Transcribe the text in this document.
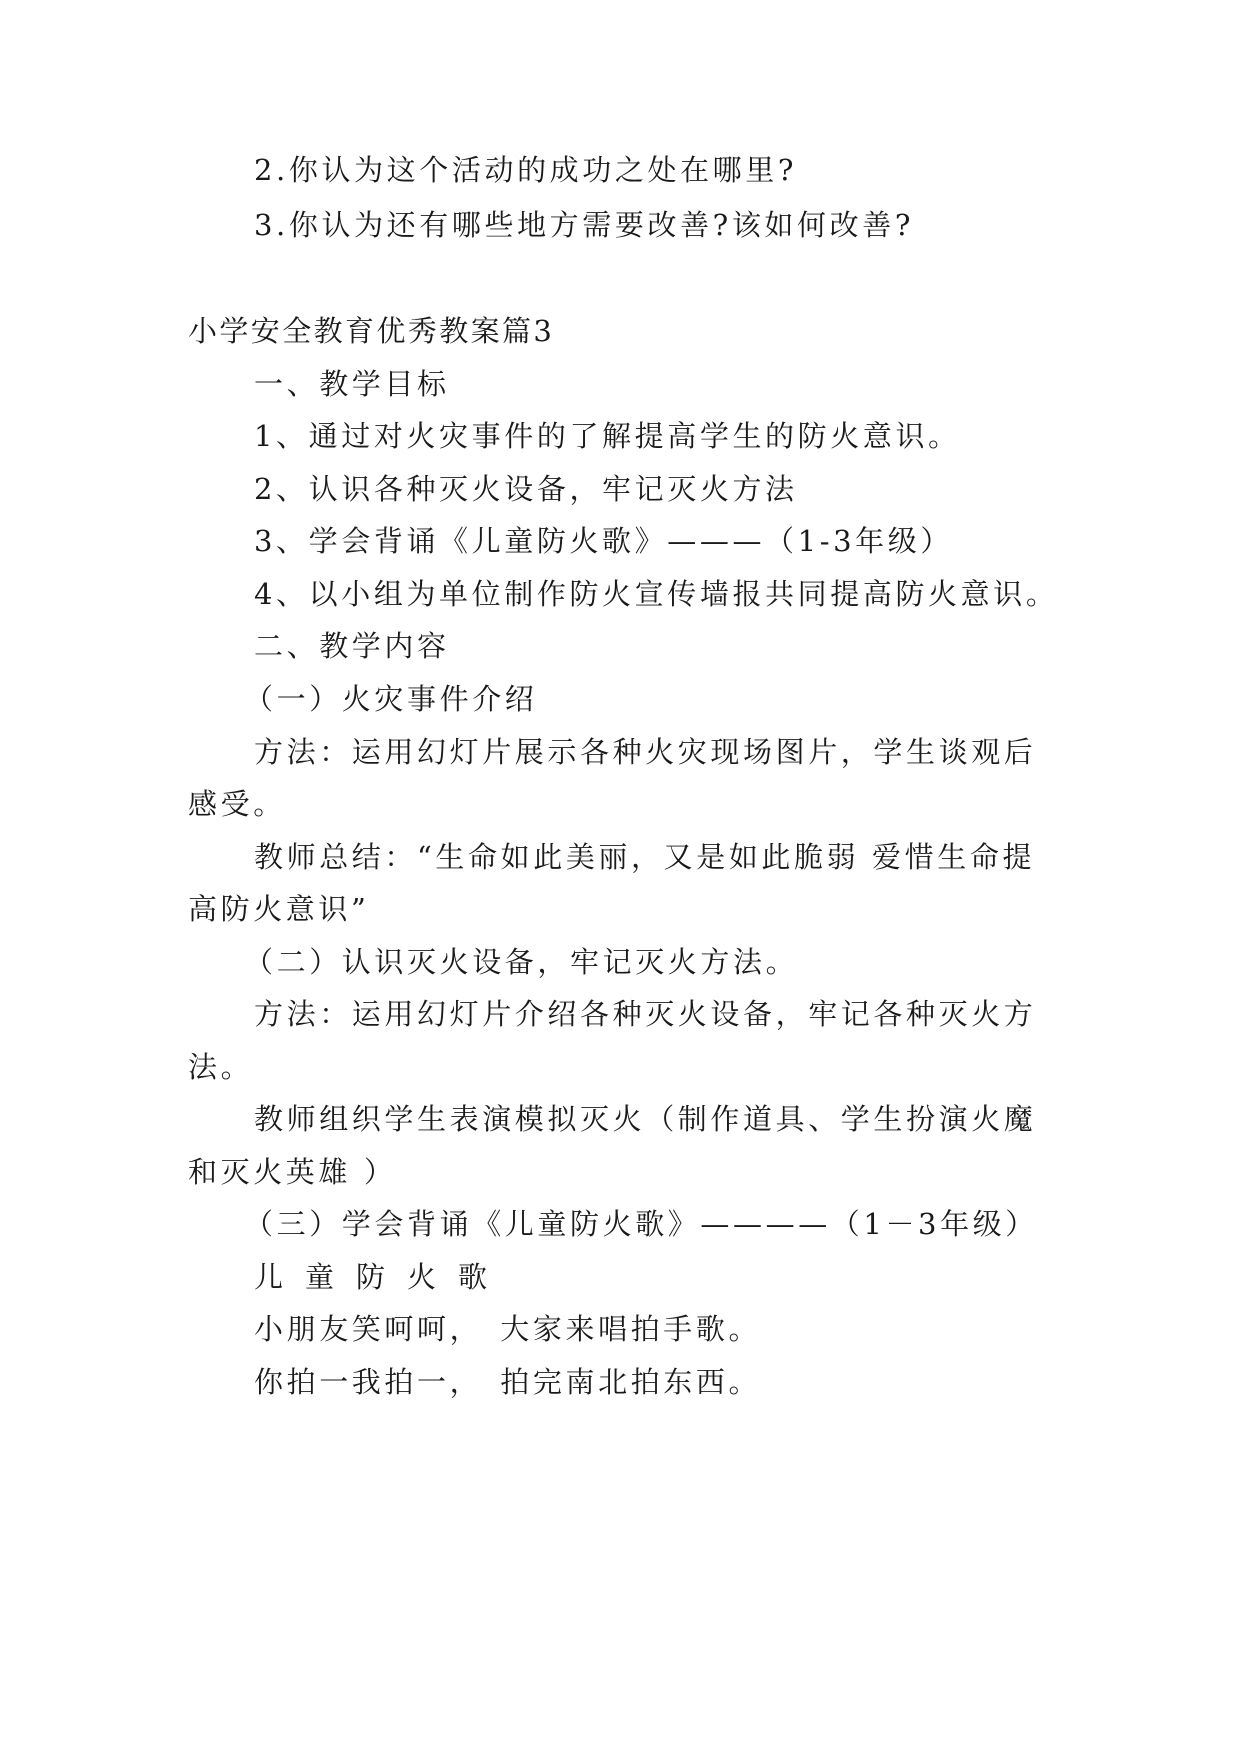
2.你认为这个活动的成功之处在哪里?
3.你认为还有哪些地方需要改善?该如何改善?
小学安全教育优秀教案篇3
一、教学目标
1、通过对火灾事件的了解提高学生的防火意识。
2、认识各种灭火设备，牢记灭火方法
3、学会背诵《儿童防火歌》———（1-3年级）
4、以小组为单位制作防火宣传墙报共同提高防火意识。
二、教学内容
（一）火灾事件介绍
方法：运用幻灯片展示各种火灾现场图片，学生谈观后
感受。
教师总结：“生命如此美丽，又是如此脆弱 爱惜生命提
高防火意识”
（二）认识灭火设备，牢记灭火方法。
方法：运用幻灯片介绍各种灭火设备，牢记各种灭火方
法。
教师组织学生表演模拟灭火（制作道具、学生扮演火魔
和灭火英雄 ）
（三）学会背诵《儿童防火歌》————（1－3年级）
儿童防火歌
小朋友笑呵呵，　大家来唱拍手歌。
你拍一我拍一，　拍完南北拍东西。
